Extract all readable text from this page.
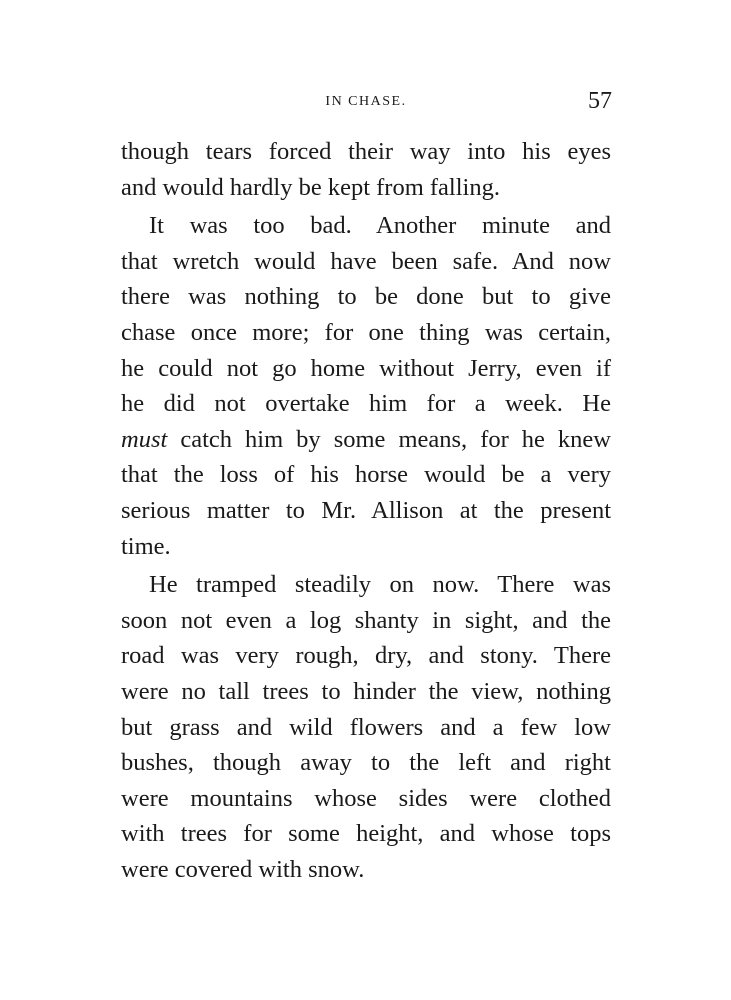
IN CHASE.	57
though tears forced their way into his eyes
and would hardly be kept from falling.
It was too bad. Another minute and
that wretch would have been safe. And now
there was nothing to be done but to give
chase once more; for one thing was certain,
he could not go home without Jerry, even if
he did not overtake him for a week. He
must catch him by some means, for he knew
that the loss of his horse would be a very
serious matter to Mr. Allison at the present
time.
He tramped steadily on now. There was
soon not even a log shanty in sight, and the
road was very rough, dry, and stony. There
were no tall trees to hinder the view, nothing
but grass and wild flowers and a few low
bushes, though away to the left and right
were mountains whose sides were clothed
with trees for some height, and whose tops
were covered with snow.
